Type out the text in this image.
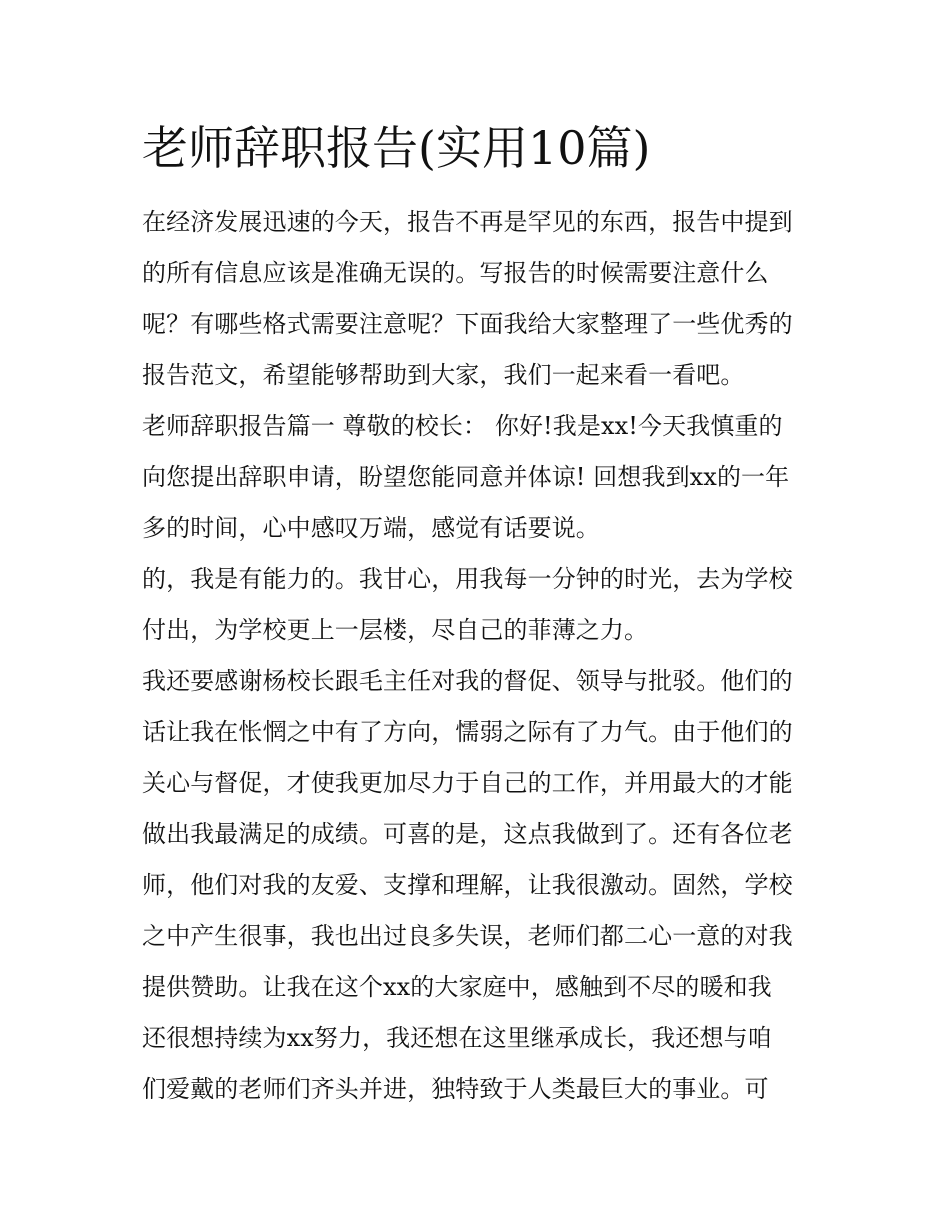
老师辞职报告(实用10篇)
在经济发展迅速的今天，报告不再是罕见的东西，报告中提到
的所有信息应该是准确无误的。写报告的时候需要注意什么
呢？有哪些格式需要注意呢？下面我给大家整理了一些优秀的
报告范文，希望能够帮助到大家，我们一起来看一看吧。
老师辞职报告篇一 尊敬的校长： 你好!我是xx!今天我慎重的
向您提出辞职申请，盼望您能同意并体谅! 回想我到xx的一年
多的时间，心中感叹万端，感觉有话要说。
的，我是有能力的。我甘心，用我每一分钟的时光，去为学校
付出，为学校更上一层楼，尽自己的菲薄之力。
我还要感谢杨校长跟毛主任对我的督促、领导与批驳。他们的
话让我在怅惘之中有了方向，懦弱之际有了力气。由于他们的
关心与督促，才使我更加尽力于自己的工作，并用最大的才能
做出我最满足的成绩。可喜的是，这点我做到了。还有各位老
师，他们对我的友爱、支撑和理解，让我很激动。固然，学校
之中产生很事，我也出过良多失误，老师们都二心一意的对我
提供赞助。让我在这个xx的大家庭中，感触到不尽的暖和我
还很想持续为xx努力，我还想在这里继承成长，我还想与咱
们爱戴的老师们齐头并进，独特致于人类最巨大的事业。可
